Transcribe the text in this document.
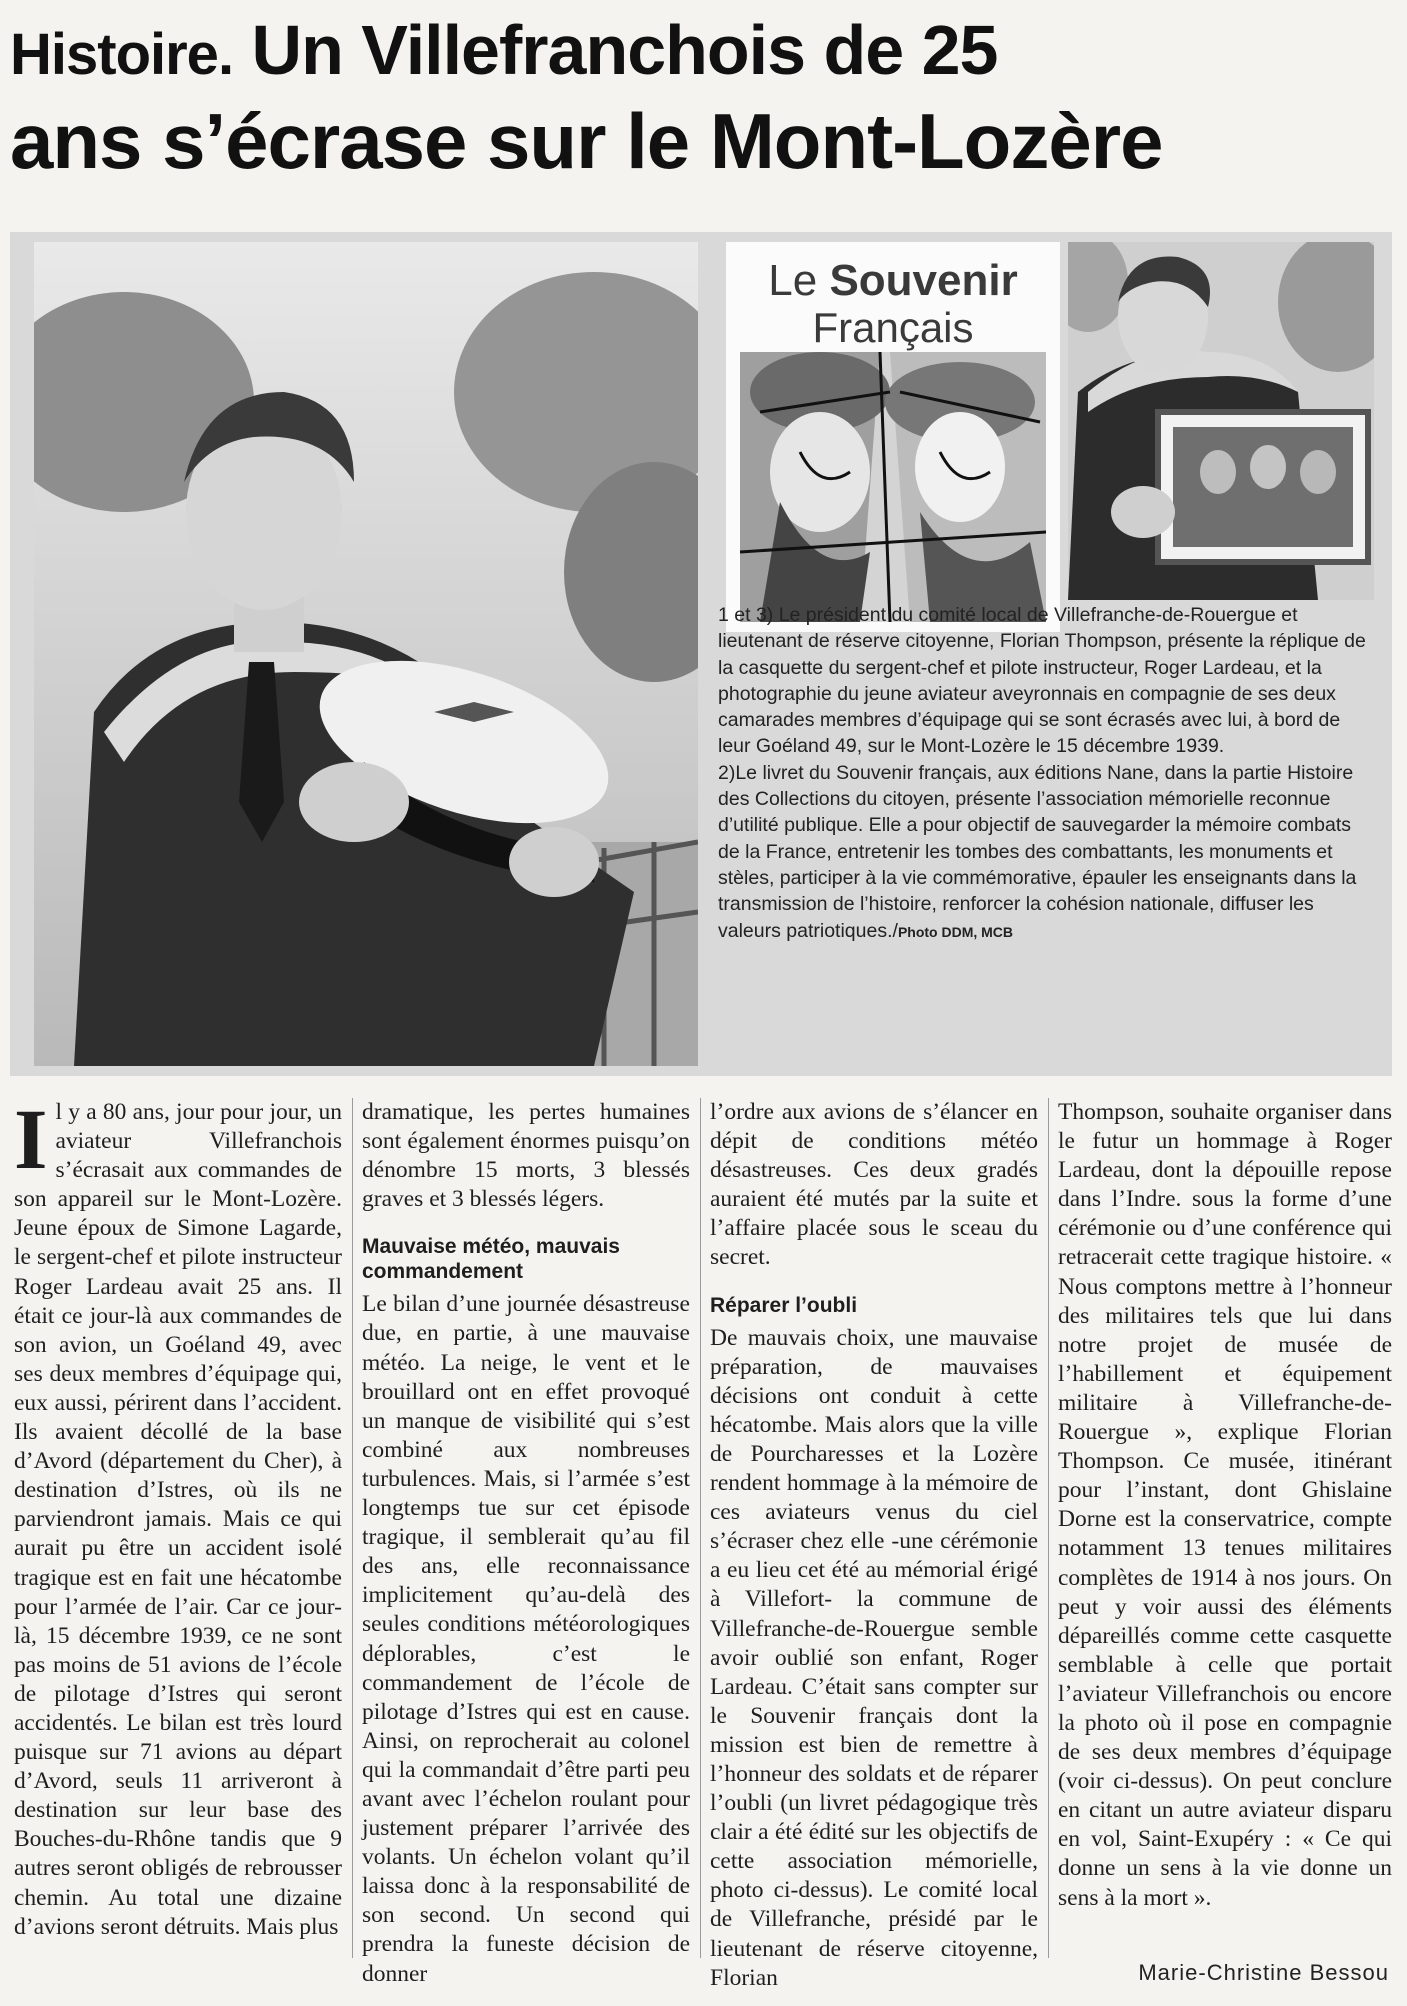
Histoire. Un Villefranchois de 25
ans s’écrase sur le Mont-Lozère
Le Souvenir
Français

1 et 3) Le président du comité local de Villefranche-de-Rouergue et lieutenant de réserve citoyenne, Florian Thompson, présente la réplique de la casquette du sergent-chef et pilote instructeur, Roger Lardeau, et la photographie du jeune aviateur aveyronnais en compagnie de ses deux camarades membres d’équipage qui se sont écrasés avec lui, à bord de leur Goéland 49, sur le Mont-Lozère le 15 décembre 1939.

2)Le livret du Souvenir français, aux éditions Nane, dans la partie Histoire des Collections du citoyen, présente l’association mémorielle reconnue d’utilité publique. Elle a pour objectif de sauvegarder la mémoire combats de la France, entretenir les tombes des combattants, les monuments et stèles, participer à la vie commémorative, épauler les enseignants dans la transmission de l’histoire, renforcer la cohésion nationale, diffuser les valeurs patriotiques./Photo DDM, MCB

Il y a 80 ans, jour pour jour, un aviateur Villefranchois s’écrasait aux commandes de son appareil sur le Mont-Lozère. Jeune époux de Simone Lagarde, le sergent-chef et pilote instructeur Roger Lardeau avait 25 ans. Il était ce jour-là aux commandes de son avion, un Goéland 49, avec ses deux membres d’équipage qui, eux aussi, périrent dans l’accident. Ils avaient décollé de la base d’Avord (département du Cher), à destination d’Istres, où ils ne parviendront jamais. Mais ce qui aurait pu être un accident isolé tragique est en fait une hécatombe pour l’armée de l’air. Car ce jour-là, 15 décembre 1939, ce ne sont pas moins de 51 avions de l’école de pilotage d’Istres qui seront accidentés. Le bilan est très lourd puisque sur 71 avions au départ d’Avord, seuls 11 arriveront à destination sur leur base des Bouches-du-Rhône tandis que 9 autres seront obligés de rebrousser chemin. Au total une dizaine d’avions seront détruits. Mais plus

dramatique, les pertes humaines sont également énormes puisqu’on dénombre 15 morts, 3 blessés graves et 3 blessés légers.

Mauvaise météo, mauvais commandement

Le bilan d’une journée désastreuse due, en partie, à une mauvaise météo. La neige, le vent et le brouillard ont en effet provoqué un manque de visibilité qui s’est combiné aux nombreuses turbulences. Mais, si l’armée s’est longtemps tue sur cet épisode tragique, il semblerait qu’au fil des ans, elle reconnaissance implicitement qu’au-delà des seules conditions météorologiques déplorables, c’est le commandement de l’école de pilotage d’Istres qui est en cause. Ainsi, on reprocherait au colonel qui la commandait d’être parti peu avant avec l’échelon roulant pour justement préparer l’arrivée des volants. Un échelon volant qu’il laissa donc à la responsabilité de son second. Un second qui prendra la funeste décision de donner

l’ordre aux avions de s’élancer en dépit de conditions météo désastreuses. Ces deux gradés auraient été mutés par la suite et l’affaire placée sous le sceau du secret.

Réparer l’oubli

De mauvais choix, une mauvaise préparation, de mauvaises décisions ont conduit à cette hécatombe. Mais alors que la ville de Pourcharesses et la Lozère rendent hommage à la mémoire de ces aviateurs venus du ciel s’écraser chez elle -une cérémonie a eu lieu cet été au mémorial érigé à Villefort- la commune de Villefranche-de-Rouergue semble avoir oublié son enfant, Roger Lardeau. C’était sans compter sur le Souvenir français dont la mission est bien de remettre à l’honneur des soldats et de réparer l’oubli (un livret pédagogique très clair a été édité sur les objectifs de cette association mémorielle, photo ci-dessus). Le comité local de Villefranche, présidé par le lieutenant de réserve citoyenne, Florian

Thompson, souhaite organiser dans le futur un hommage à Roger Lardeau, dont la dépouille repose dans l’Indre. sous la forme d’une cérémonie ou d’une conférence qui retracerait cette tragique histoire. « Nous comptons mettre à l’honneur des militaires tels que lui dans notre projet de musée de l’habillement et équipement militaire à Villefranche-de-Rouergue », explique Florian Thompson. Ce musée, itinérant pour l’instant, dont Ghislaine Dorne est la conservatrice, compte notamment 13 tenues militaires complètes de 1914 à nos jours. On peut y voir aussi des éléments dépareillés comme cette casquette semblable à celle que portait l’aviateur Villefranchois ou encore la photo où il pose en compagnie de ses deux membres d’équipage (voir ci-dessus). On peut conclure en citant un autre aviateur disparu en vol, Saint-Exupéry : « Ce qui donne un sens à la vie donne un sens à la mort ».

Marie-Christine Bessou
